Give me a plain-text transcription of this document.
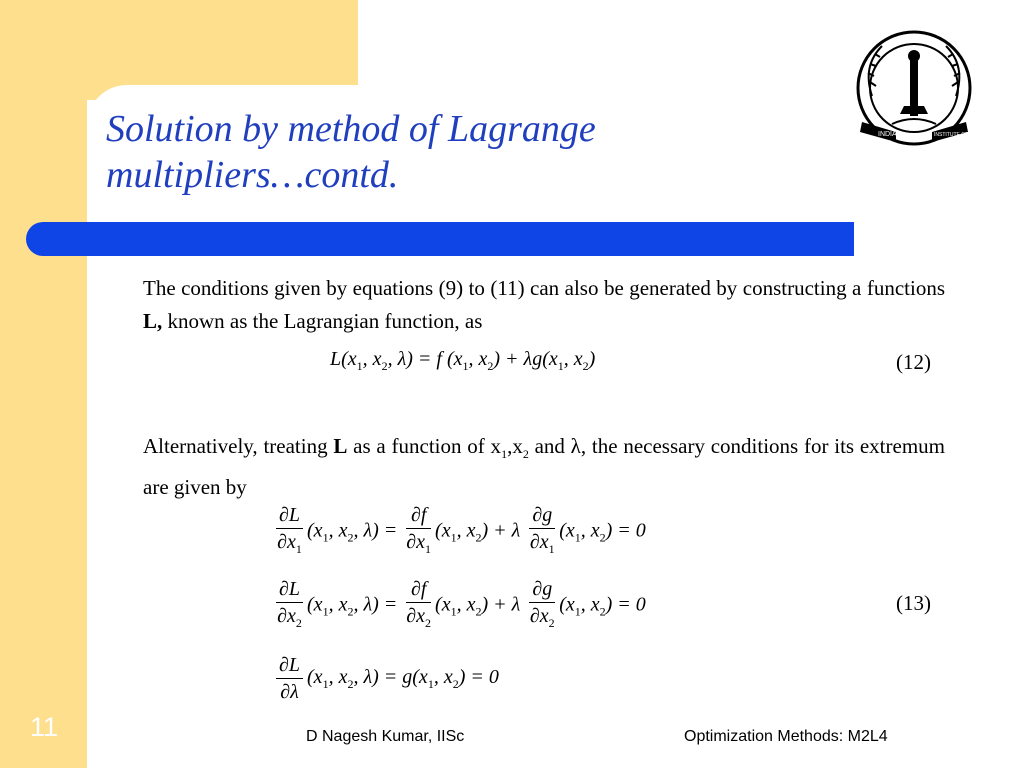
Solution by method of Lagrange multipliers…contd.
INDIAN	INSTITUTE OF SCIENCE
The conditions given by equations (9) to (11) can also be generated by constructing a functions L, known as the Lagrangian function, as
$L(x_1$, $x_2$, λ) = f ($x_1$, $x_2) + \lambda g(x_1$, $x_2$)	(12)
Alternatively, treating L as a function of $x_1,x_2$ and λ, the necessary conditions for its extremum are given by
$\frac{\partial L}{\partial x_1} (x_1$, $x_2$, $\lambda) = \frac{\partial f}{\partial x_1} (x_1$, $x_2) + \lambda \frac{\partial g}{\partial x_1} (x_1$, $x_2) = 0$
$\frac{\partial L}{\partial x_2} (x_1$, $x_2$, $\lambda) = \frac{\partial f}{\partial x_2} (x_1$, $x_2) + \lambda \frac{\partial g}{\partial x_2} (x_1$, $x_2) = 0$	(13)
$\frac{\partial L}{\partial\lambda} (x_1$, $x_2$, $\lambda) = g(x_1$, $x_2) = 0$
11	D Nagesh Kumar, IISc	Optimization Methods: M2L4
